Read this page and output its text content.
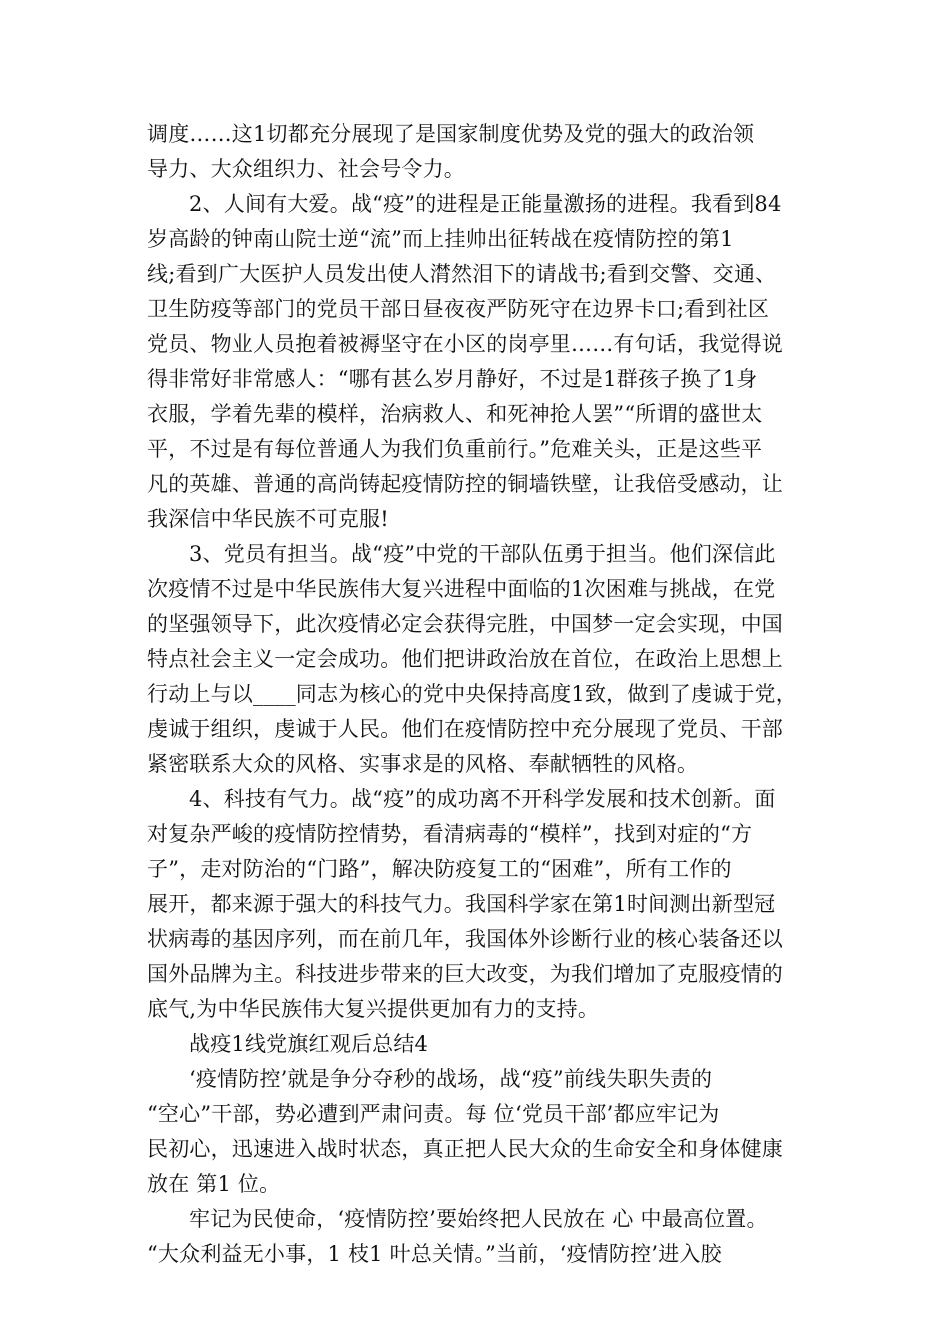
调度……这1切都充分展现了是国家制度优势及党的强大的政治领
导力、大众组织力、社会号令力。
2、人间有大爱。战“疫”的进程是正能量激扬的进程。我看到84
岁高龄的钟南山院士逆“流”而上挂帅出征转战在疫情防控的第1
线;看到广大医护人员发出使人潸然泪下的请战书;看到交警、交通、
卫生防疫等部门的党员干部日昼夜夜严防死守在边界卡口;看到社区
党员、物业人员抱着被褥坚守在小区的岗亭里……有句话，我觉得说
得非常好非常感人：“哪有甚么岁月静好，不过是1群孩子换了1身
衣服，学着先辈的模样，治病救人、和死神抢人罢”“所谓的盛世太
平，不过是有每位普通人为我们负重前行。”危难关头，正是这些平
凡的英雄、普通的高尚铸起疫情防控的铜墙铁壁，让我倍受感动，让
我深信中华民族不可克服!
3、党员有担当。战“疫”中党的干部队伍勇于担当。他们深信此
次疫情不过是中华民族伟大复兴进程中面临的1次困难与挑战，在党
的坚强领导下，此次疫情必定会获得完胜，中国梦一定会实现，中国
特点社会主义一定会成功。他们把讲政治放在首位，在政治上思想上
行动上与以____同志为核心的党中央保持高度1致，做到了虔诚于党，
虔诚于组织，虔诚于人民。他们在疫情防控中充分展现了党员、干部
紧密联系大众的风格、实事求是的风格、奉献牺牲的风格。
4、科技有气力。战“疫”的成功离不开科学发展和技术创新。面
对复杂严峻的疫情防控情势，看清病毒的“模样”，找到对症的“方
子”，走对防治的“门路”，解决防疫复工的“困难”，所有工作的
展开，都来源于强大的科技气力。我国科学家在第1时间测出新型冠
状病毒的基因序列，而在前几年，我国体外诊断行业的核心装备还以
国外品牌为主。科技进步带来的巨大改变，为我们增加了克服疫情的
底气,为中华民族伟大复兴提供更加有力的支持。
战疫1线党旗红观后总结4
‘疫情防控’就是争分夺秒的战场，战“疫”前线失职失责的
“空心”干部，势必遭到严肃问责。每 位‘党员干部’都应牢记为
民初心，迅速进入战时状态，真正把人民大众的生命安全和身体健康
放在 第1 位。
牢记为民使命，‘疫情防控’要始终把人民放在 心 中最高位置。
“大众利益无小事，1 枝1 叶总关情。”当前，‘疫情防控’进入胶
